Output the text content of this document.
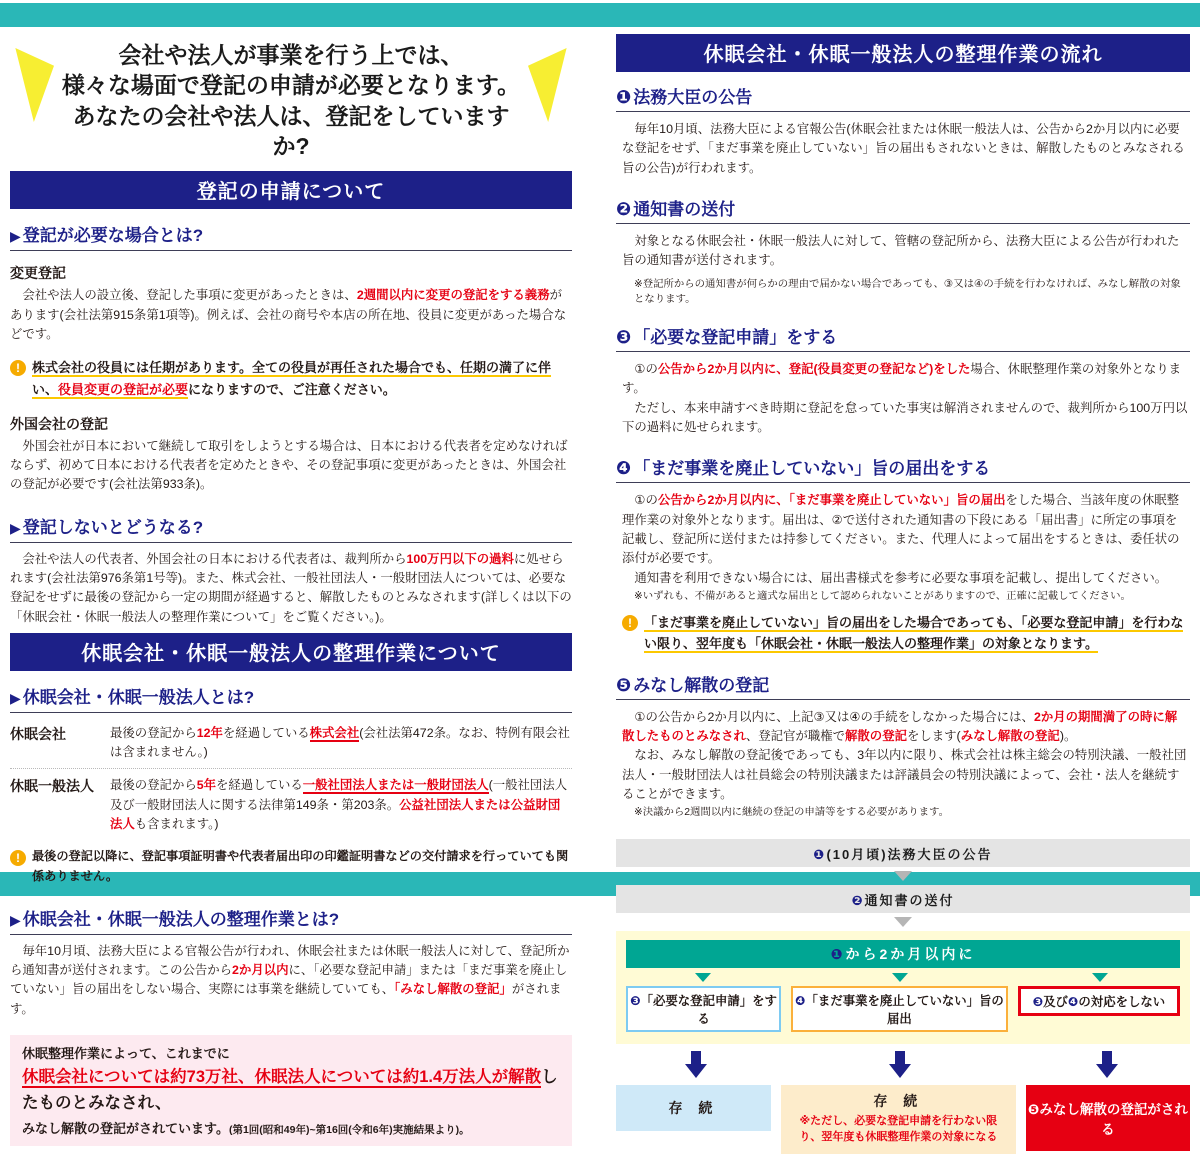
会社や法人が事業を行う上では、
様々な場面で登記の申請が必要となります。
あなたの会社や法人は、登記をしていますか?
登記の申請について
▶ 登記が必要な場合とは?
変更登記

会社や法人の設立後、登記した事項に変更があったときは、2週間以内に変更の登記をする義務があります(会社法第915条第1項等)。例えば、会社の商号や本店の所在地、役員に変更があった場合などです。

! 株式会社の役員には任期があります。全ての役員が再任された場合でも、任期の満了に伴い、役員変更の登記が必要になりますので、ご注意ください。
外国会社の登記

外国会社が日本において継続して取引をしようとする場合は、日本における代表者を定めなければならず、初めて日本における代表者を定めたときや、その登記事項に変更があったときは、外国会社の登記が必要です(会社法第933条)。

▶ 登記しないとどうなる?

会社や法人の代表者、外国会社の日本における代表者は、裁判所から100万円以下の過料に処せられます(会社法第976条第1号等)。また、株式会社、一般社団法人・一般財団法人については、必要な登記をせずに最後の登記から一定の期間が経過すると、解散したものとみなされます(詳しくは以下の「休眠会社・休眠一般法人の整理作業について」をご覧ください。)。

休眠会社・休眠一般法人の整理作業について
▶ 休眠会社・休眠一般法人とは?
休眠会社	最後の登記から12年を経過している株式会社(会社法第472条。なお、特例有限会社は含まれません。)
休眠一般法人	最後の登記から5年を経過している一般社団法人または一般財団法人(一般社団法人及び一般財団法人に関する法律第149条・第203条。公益社団法人または公益財団法人も含まれます。)
! 最後の登記以降に、登記事項証明書や代表者届出印の印鑑証明書などの交付請求を行っていても関係ありません。
▶ 休眠会社・休眠一般法人の整理作業とは?

毎年10月頃、法務大臣による官報公告が行われ、休眠会社または休眠一般法人に対して、登記所から通知書が送付されます。この公告から2か月以内に、「必要な登記申請」または「まだ事業を廃止していない」旨の届出をしない場合、実際には事業を継続していても、「みなし解散の登記」がされます。

休眠整理作業によって、これまでに
休眠会社については約73万社、休眠法人については約1.4万法人が解散したものとみなされ、
みなし解散の登記がされています。(第1回(昭和49年)~第16回(令和6年)実施結果より)。
休眠会社・休眠一般法人の整理作業の流れ
❶ 法務大臣の公告

毎年10月頃、法務大臣による官報公告(休眠会社または休眠一般法人は、公告から2か月以内に必要な登記をせず、「まだ事業を廃止していない」旨の届出もされないときは、解散したものとみなされる旨の公告)が行われます。

❷ 通知書の送付

対象となる休眠会社・休眠一般法人に対して、管轄の登記所から、法務大臣による公告が行われた旨の通知書が送付されます。

※登記所からの通知書が何らかの理由で届かない場合であっても、③又は④の手続を行わなければ、みなし解散の対象となります。
❸ 「必要な登記申請」をする

①の公告から2か月以内に、登記(役員変更の登記など)をした場合、休眠整理作業の対象外となります。

ただし、本来申請すべき時期に登記を怠っていた事実は解消されませんので、裁判所から100万円以下の過料に処せられます。

❹ 「まだ事業を廃止していない」旨の届出をする

①の公告から2か月以内に、「まだ事業を廃止していない」旨の届出をした場合、当該年度の休眠整理作業の対象外となります。届出は、②で送付された通知書の下段にある「届出書」に所定の事項を記載し、登記所に送付または持参してください。また、代理人によって届出をするときは、委任状の添付が必要です。

通知書を利用できない場合には、届出書様式を参考に必要な事項を記載し、提出してください。

※いずれも、不備があると適式な届出として認められないことがありますので、正確に記載してください。
! 「まだ事業を廃止していない」旨の届出をした場合であっても、「必要な登記申請」を行わない限り、翌年度も「休眠会社・休眠一般法人の整理作業」の対象となります。
❺ みなし解散の登記

①の公告から2か月以内に、上記③又は④の手続をしなかった場合には、2か月の期間満了の時に解散したものとみなされ、登記官が職権で解散の登記をします(みなし解散の登記)。

なお、みなし解散の登記後であっても、3年以内に限り、株式会社は株主総会の特別決議、一般社団法人・一般財団法人は社員総会の特別決議または評議員会の特別決議によって、会社・法人を継続することができます。

※決議から2週間以内に継続の登記の申請等をする必要があります。
❶(10月頃)法務大臣の公告
❷通知書の送付
❶から2か月以内に
❸「必要な登記申請」をする
❹「まだ事業を廃止していない」旨の届出
❸及び❹の対応をしない
存 続	存 続
※ただし、必要な登記申請を行わない限り、翌年度も休眠整理作業の対象になる
❺みなし解散の登記がされる
